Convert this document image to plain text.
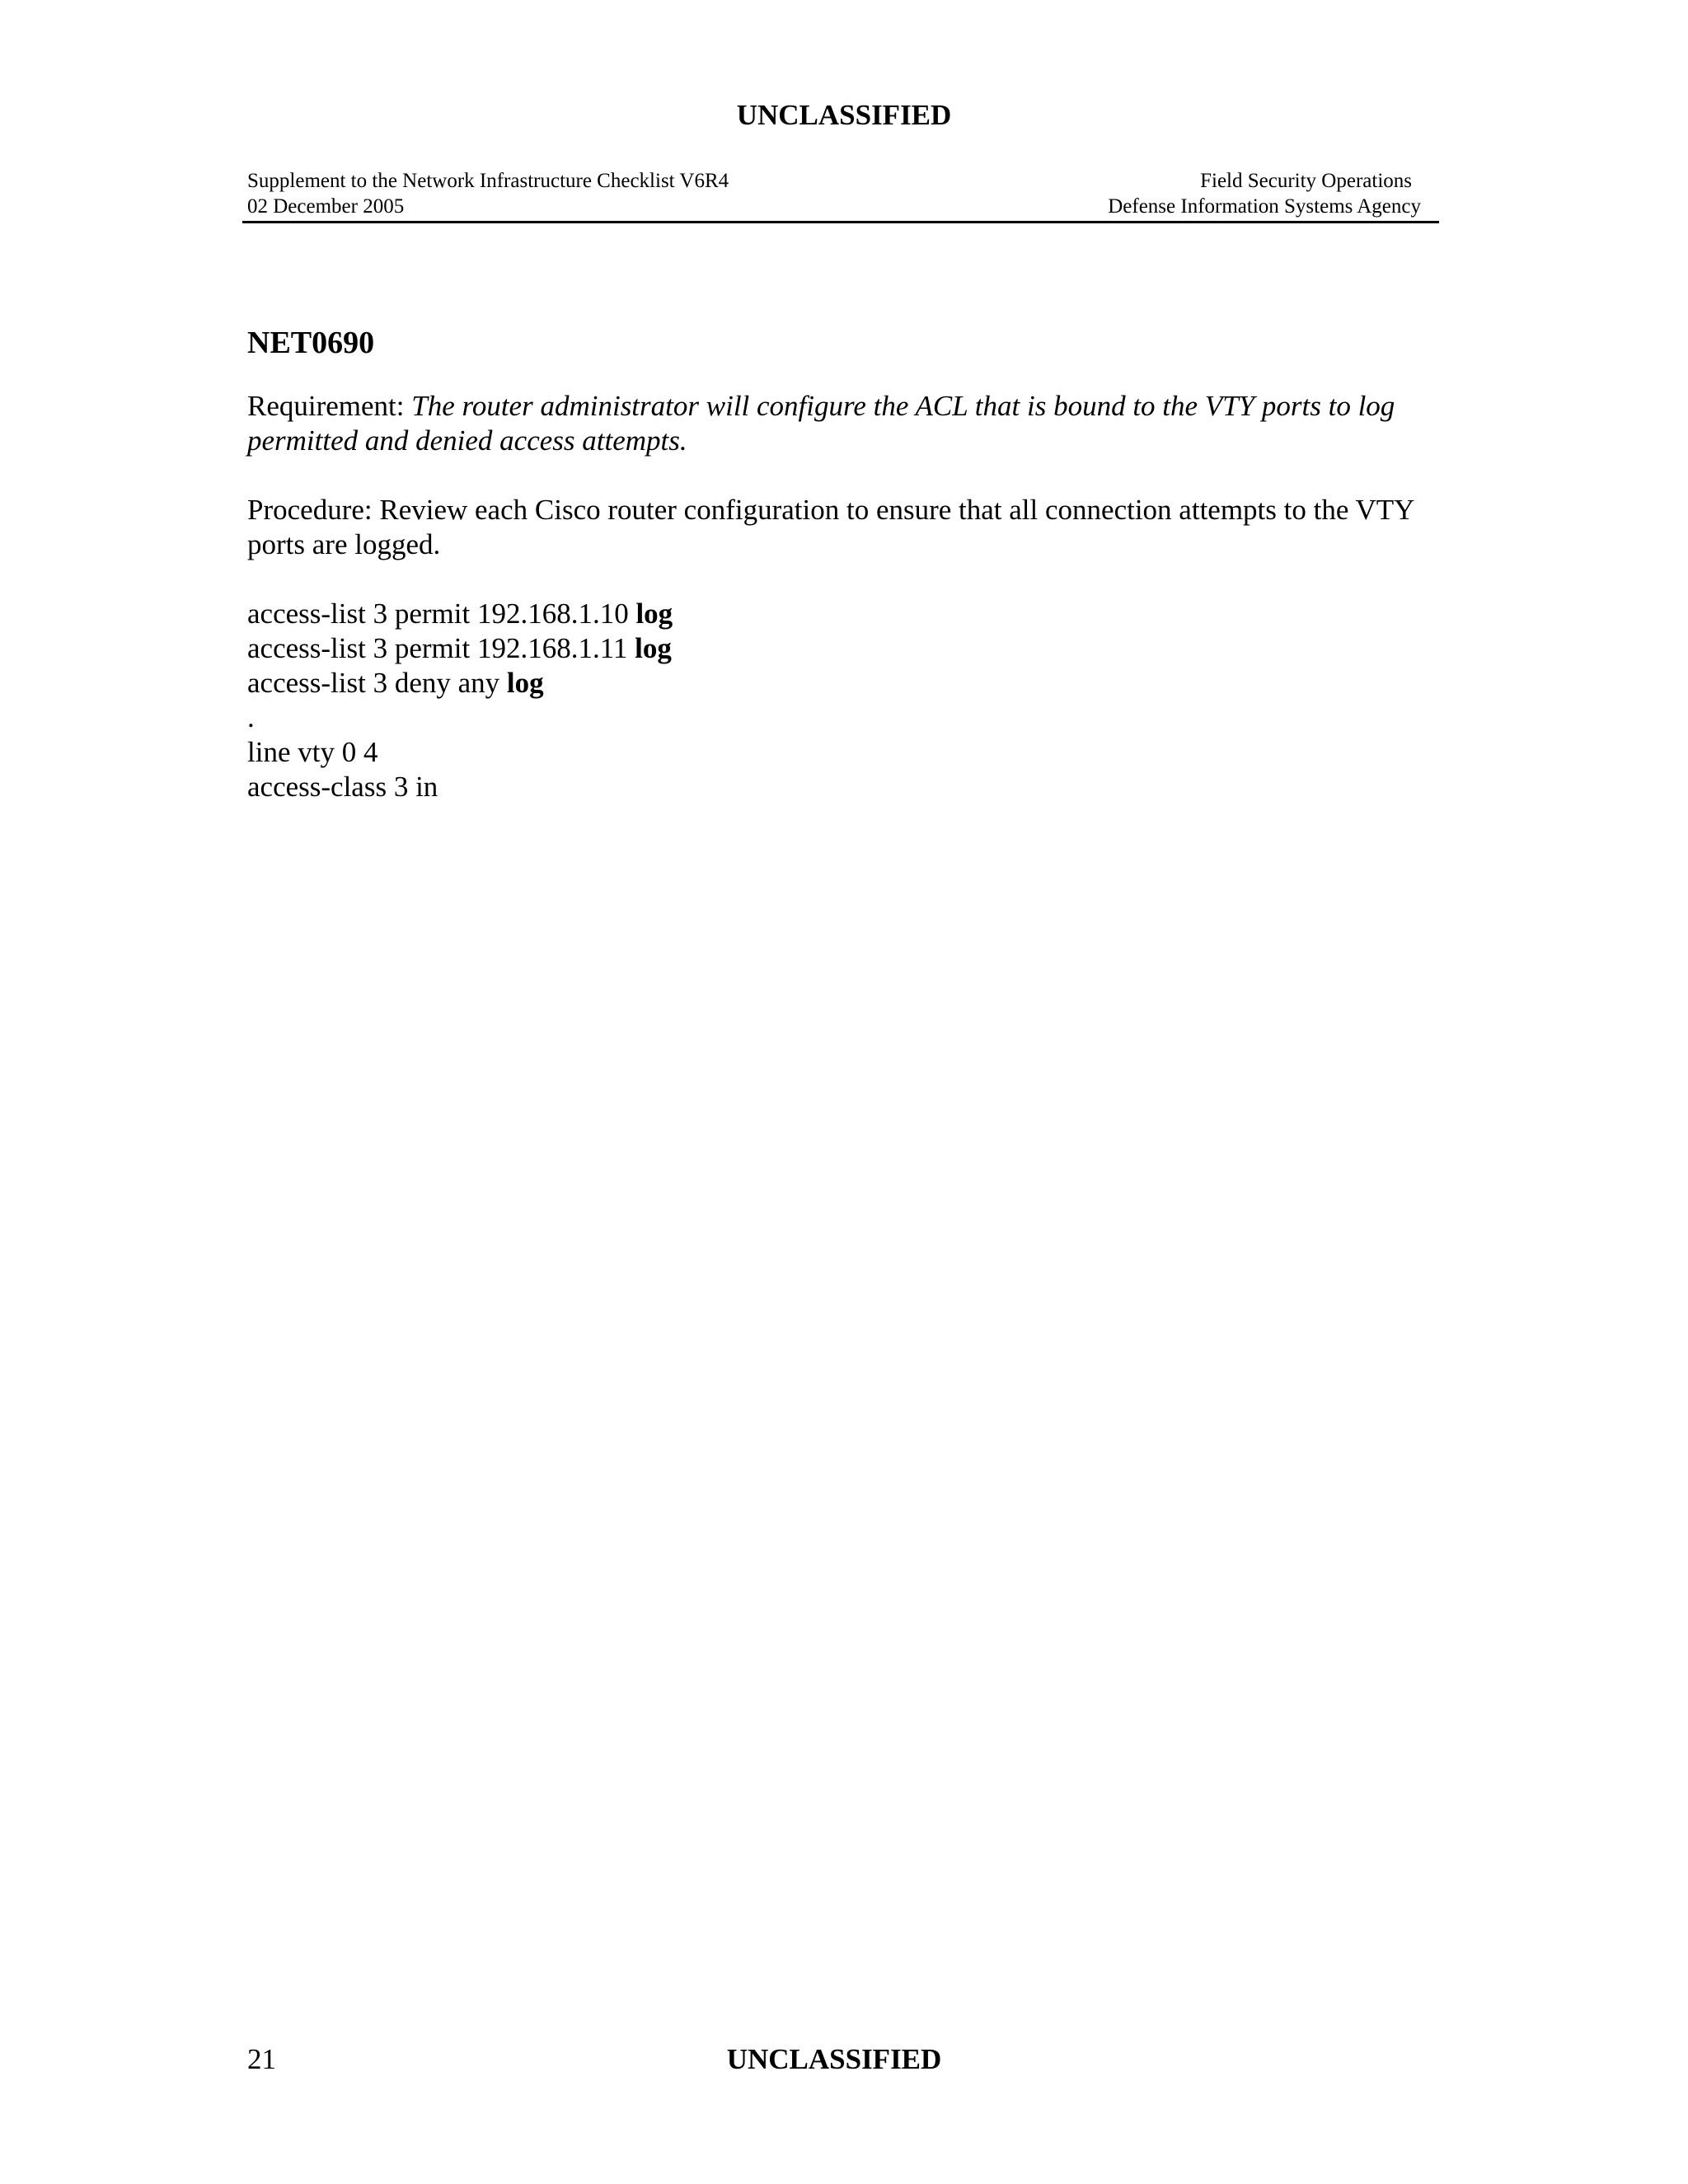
UNCLASSIFIED
Supplement to the Network Infrastructure Checklist V6R4	Field Security Operations
02 December 2005	Defense Information Systems Agency
NET0690

Requirement: The router administrator will configure the ACL that is bound to the VTY ports to log permitted and denied access attempts.

Procedure: Review each Cisco router configuration to ensure that all connection attempts to the VTY ports are logged.

access-list 3 permit 192.168.1.10 log
access-list 3 permit 192.168.1.11 log
access-list 3 deny any log
.
line vty 0 4
access-class 3 in
21	UNCLASSIFIED
